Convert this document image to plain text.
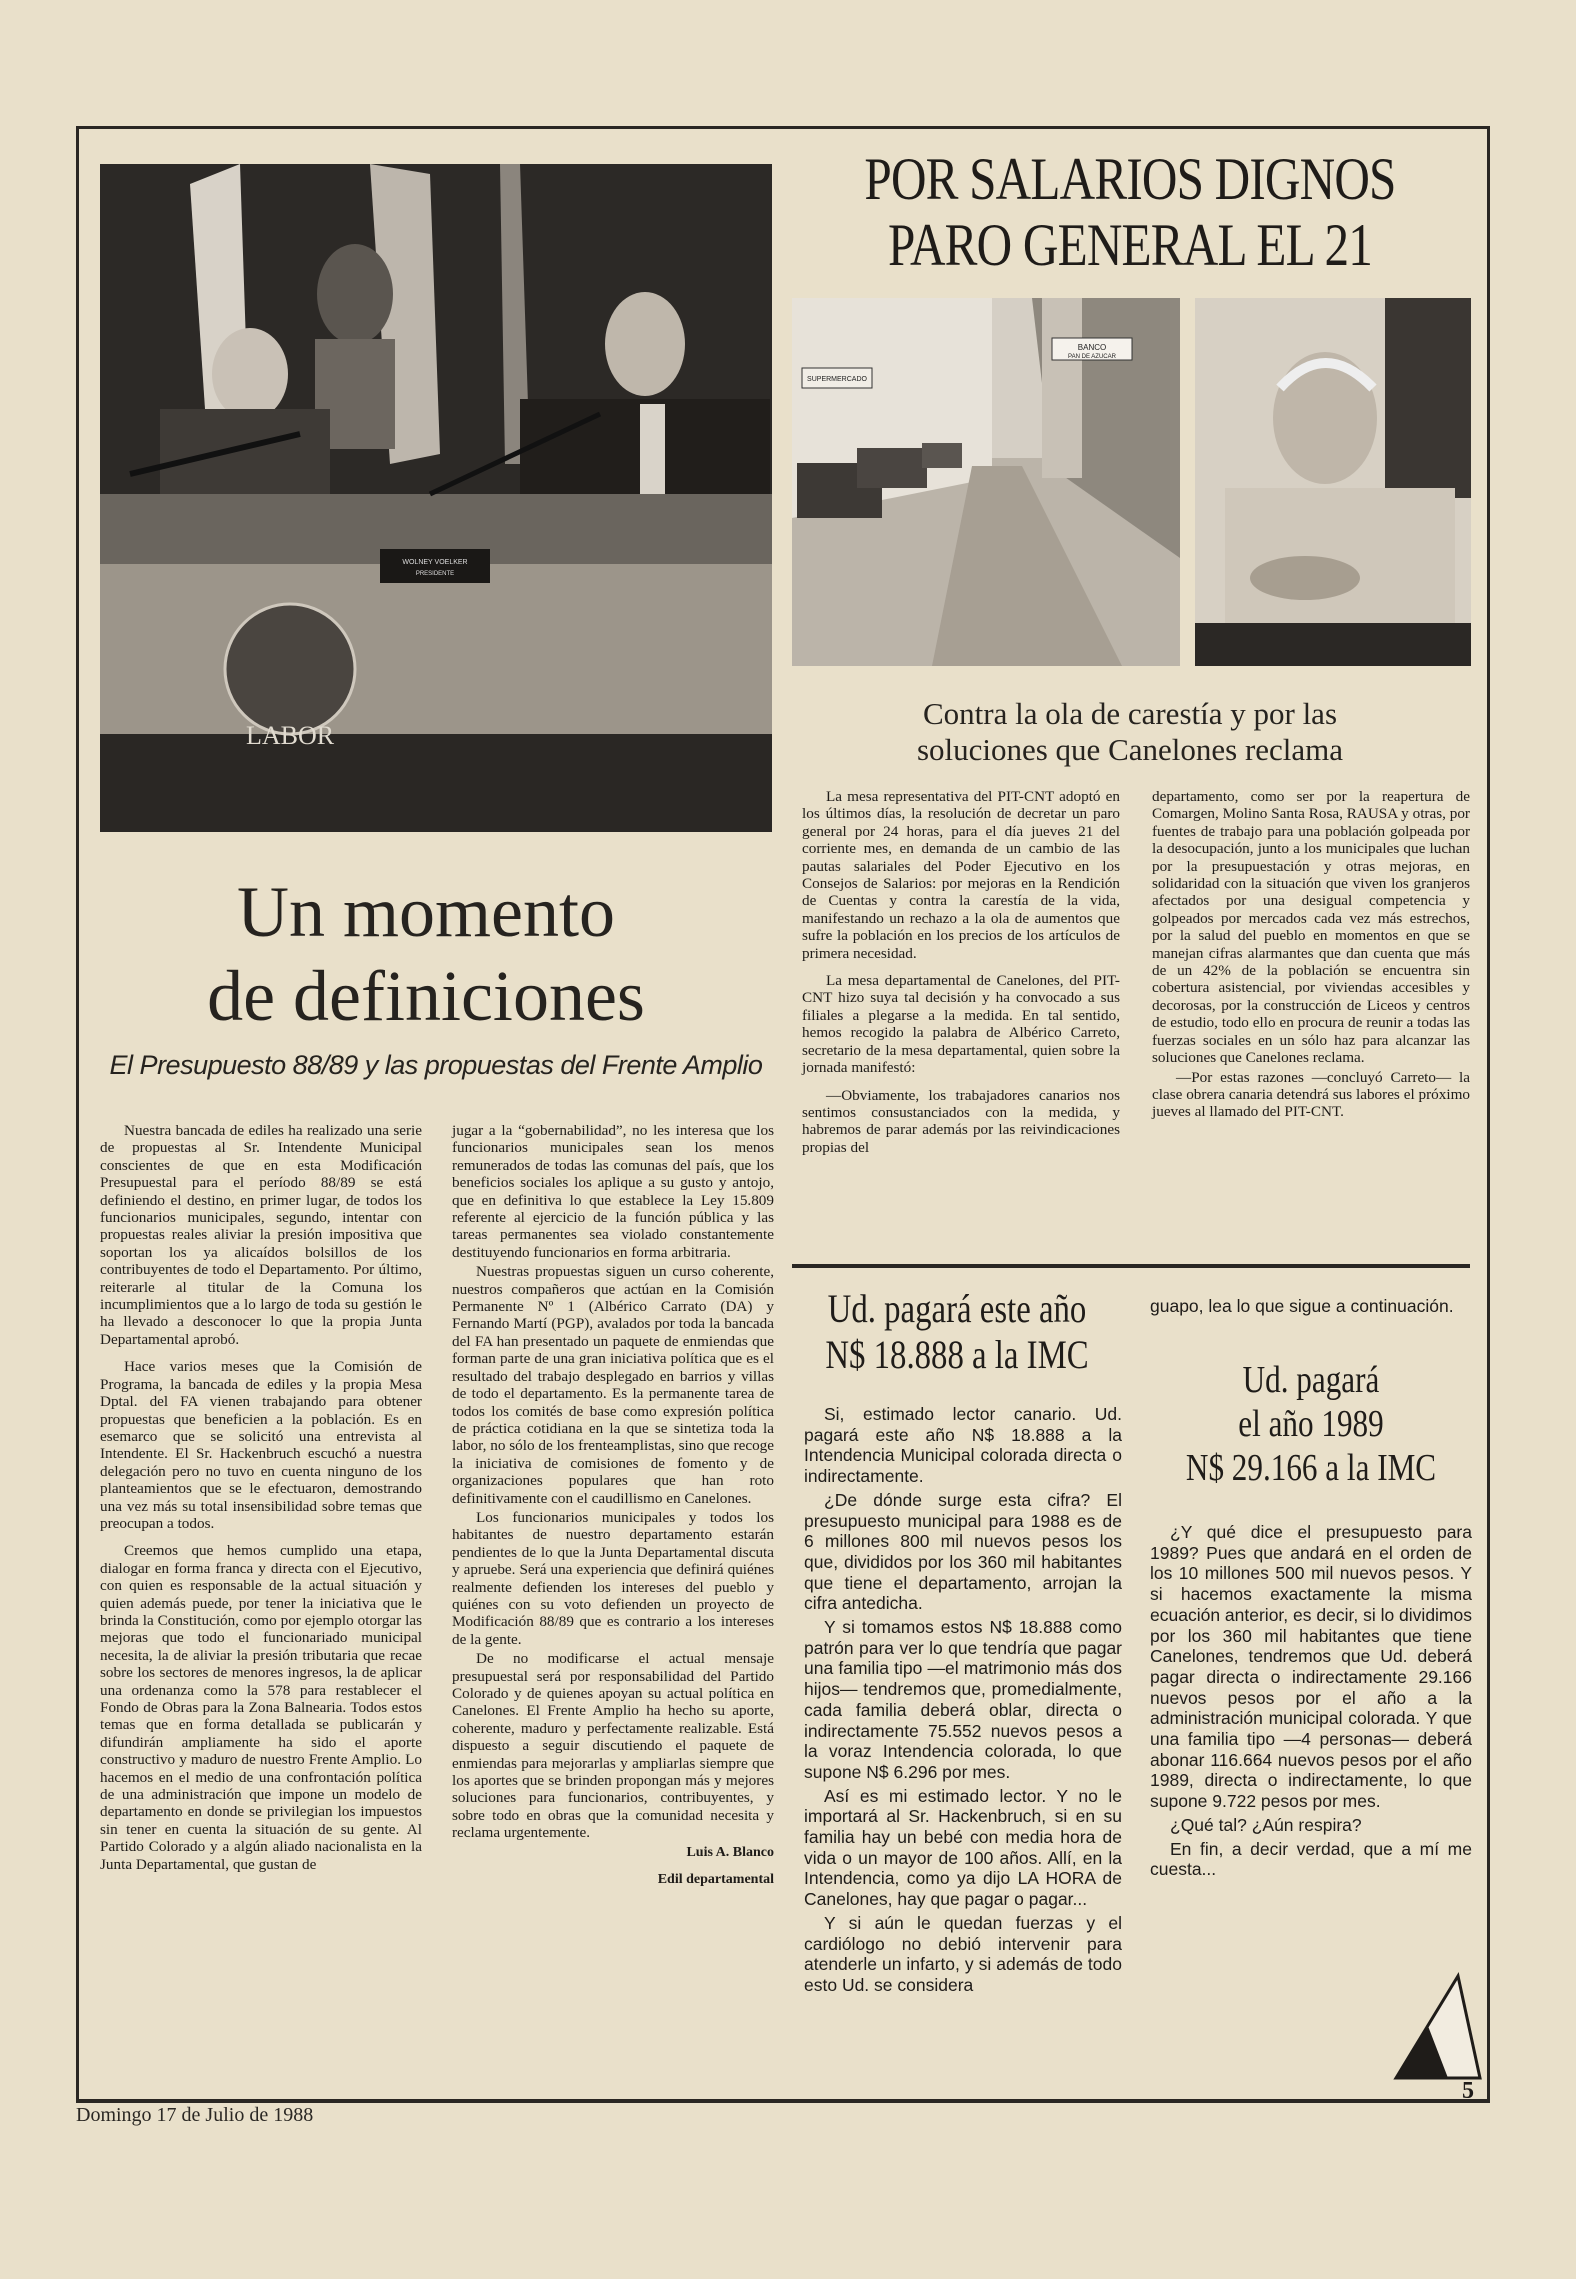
LABOR
WOLNEY VOELKER
PRESIDENTE
POR SALARIOS DIGNOS
PARO GENERAL EL 21
BANCO
PAN DE AZUCAR
SUPERMERCADO
Contra la ola de carestía y por las
soluciones que Canelones reclama

La mesa representativa del PIT-CNT adoptó en los últimos días, la resolución de decretar un paro general por 24 horas, para el día jueves 21 del corriente mes, en demanda de un cambio de las pautas salariales del Poder Ejecutivo en los Consejos de Salarios: por mejoras en la Rendición de Cuentas y contra la carestía de la vida, manifestando un rechazo a la ola de aumentos que sufre la población en los precios de los artículos de primera necesidad.

La mesa departamental de Canelones, del PIT-CNT hizo suya tal decisión y ha convocado a sus filiales a plegarse a la medida. En tal sentido, hemos recogido la palabra de Albérico Carreto, secretario de la mesa departamental, quien sobre la jornada manifestó:

—Obviamente, los trabajadores canarios nos sentimos consustanciados con la medida, y habremos de parar además por las reivindicaciones propias del

departamento, como ser por la reapertura de Comargen, Molino Santa Rosa, RAUSA y otras, por fuentes de trabajo para una población golpeada por la desocupación, junto a los municipales que luchan por la presupuestación y otras mejoras, en solidaridad con la situación que viven los granjeros afectados por una desigual competencia y golpeados por mercados cada vez más estrechos, por la salud del pueblo en momentos en que se manejan cifras alarmantes que dan cuenta que más de un 42% de la población se encuentra sin cobertura asistencial, por viviendas accesibles y decorosas, por la construcción de Liceos y centros de estudio, todo ello en procura de reunir a todas las fuerzas sociales en un sólo haz para alcanzar las soluciones que Canelones reclama.

—Por estas razones —concluyó Carreto— la clase obrera canaria detendrá sus labores el próximo jueves al llamado del PIT-CNT.

Un momento
de definiciones
El Presupuesto 88/89 y las propuestas del Frente Amplio

Nuestra bancada de ediles ha realizado una serie de propuestas al Sr. Intendente Municipal conscientes de que en esta Modificación Presupuestal para el período 88/89 se está definiendo el destino, en primer lugar, de todos los funcionarios municipales, segundo, intentar con propuestas reales aliviar la presión impositiva que soportan los ya alicaídos bolsillos de los contribuyentes de todo el Departamento. Por último, reiterarle al titular de la Comuna los incumplimientos que a lo largo de toda su gestión le ha llevado a desconocer lo que la propia Junta Departamental aprobó.

Hace varios meses que la Comisión de Programa, la bancada de ediles y la propia Mesa Dptal. del FA vienen trabajando para obtener propuestas que beneficien a la población. Es en esemarco que se solicitó una entrevista al Intendente. El Sr. Hackenbruch escuchó a nuestra delegación pero no tuvo en cuenta ninguno de los planteamientos que se le efectuaron, demostrando una vez más su total insensibilidad sobre temas que preocupan a todos.

Creemos que hemos cumplido una etapa, dialogar en forma franca y directa con el Ejecutivo, con quien es responsable de la actual situación y quien además puede, por tener la iniciativa que le brinda la Constitución, como por ejemplo otorgar las mejoras que todo el funcionariado municipal necesita, la de aliviar la presión tributaria que recae sobre los sectores de menores ingresos, la de aplicar una ordenanza como la 578 para restablecer el Fondo de Obras para la Zona Balnearia. Todos estos temas que en forma detallada se publicarán y difundirán ampliamente ha sido el aporte constructivo y maduro de nuestro Frente Amplio. Lo hacemos en el medio de una confrontación política de una administración que impone un modelo de departamento en donde se privilegian los impuestos sin tener en cuenta la situación de su gente. Al Partido Colorado y a algún aliado nacionalista en la Junta Departamental, que gustan de

jugar a la “gobernabilidad”, no les interesa que los funcionarios municipales sean los menos remunerados de todas las comunas del país, que los beneficios sociales los aplique a su gusto y antojo, que en definitiva lo que establece la Ley 15.809 referente al ejercicio de la función pública y las tareas permanentes sea violado constantemente destituyendo funcionarios en forma arbitraria.

Nuestras propuestas siguen un curso coherente, nuestros compañeros que actúan en la Comisión Permanente Nº 1 (Albérico Carrato (DA) y Fernando Martí (PGP), avalados por toda la bancada del FA han presentado un paquete de enmiendas que forman parte de una gran iniciativa política que es el resultado del trabajo desplegado en barrios y villas de todo el departamento. Es la permanente tarea de todos los comités de base como expresión política de práctica cotidiana en la que se sintetiza toda la labor, no sólo de los frenteamplistas, sino que recoge la iniciativa de comisiones de fomento y de organizaciones populares que han roto definitivamente con el caudillismo en Canelones.

Los funcionarios municipales y todos los habitantes de nuestro departamento estarán pendientes de lo que la Junta Departamental discuta y apruebe. Será una experiencia que definirá quiénes realmente defienden los intereses del pueblo y quiénes con su voto defienden un proyecto de Modificación 88/89 que es contrario a los intereses de la gente.

De no modificarse el actual mensaje presupuestal será por responsabilidad del Partido Colorado y de quienes apoyan su actual política en Canelones. El Frente Amplio ha hecho su aporte, coherente, maduro y perfectamente realizable. Está dispuesto a seguir discutiendo el paquete de enmiendas para mejorarlas y ampliarlas siempre que los aportes que se brinden propongan más y mejores soluciones para funcionarios, contribuyentes, y sobre todo en obras que la comunidad necesita y reclama urgentemente.

Luis A. Blanco

Edil departamental

Ud. pagará este año
N$ 18.888 a la IMC

Si, estimado lector canario. Ud. pagará este año N$ 18.888 a la Intendencia Municipal colorada directa o indirectamente.

¿De dónde surge esta cifra? El presupuesto municipal para 1988 es de 6 millones 800 mil nuevos pesos los que, divididos por los 360 mil habitantes que tiene el departamento, arrojan la cifra antedicha.

Y si tomamos estos N$ 18.888 como patrón para ver lo que tendría que pagar una familia tipo —el matrimonio más dos hijos— tendremos que, promedialmente, cada familia deberá oblar, directa o indirectamente 75.552 nuevos pesos a la voraz Intendencia colorada, lo que supone N$ 6.296 por mes.

Así es mi estimado lector. Y no le importará al Sr. Hackenbruch, si en su familia hay un bebé con media hora de vida o un mayor de 100 años. Allí, en la Intendencia, como ya dijo LA HORA de Canelones, hay que pagar o pagar...

Y si aún le quedan fuerzas y el cardiólogo no debió intervenir para atenderle un infarto, y si además de todo esto Ud. se considera

guapo, lea lo que sigue a continuación.

Ud. pagará
el año 1989
N$ 29.166 a la IMC

¿Y qué dice el presupuesto para 1989? Pues que andará en el orden de los 10 millones 500 mil nuevos pesos. Y si hacemos exactamente la misma ecuación anterior, es decir, si lo dividimos por los 360 mil habitantes que tiene Canelones, tendremos que Ud. deberá pagar directa o indirectamente 29.166 nuevos pesos por el año a la administración municipal colorada. Y que una familia tipo —4 personas— deberá abonar 116.664 nuevos pesos por el año 1989, directa o indirectamente, lo que supone 9.722 pesos por mes.

¿Qué tal? ¿Aún respira?

En fin, a decir verdad, que a mí me cuesta...

Domingo 17 de Julio de 1988
5
